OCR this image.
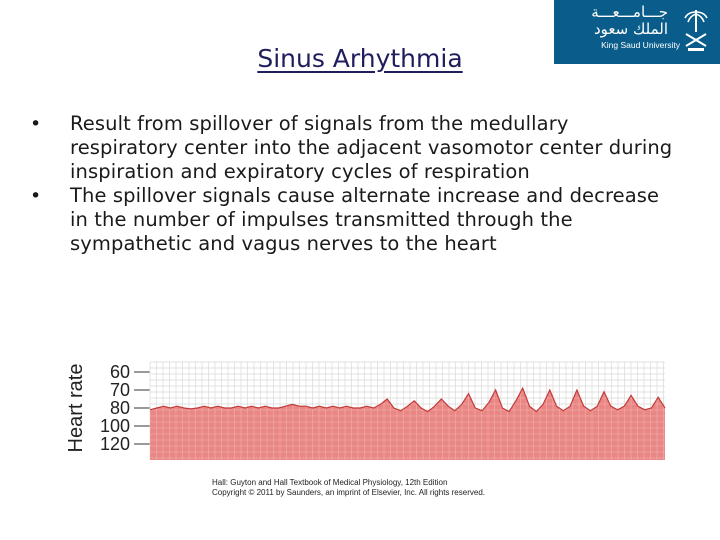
Sinus Arhythmia
جـــامـــعـــة
الملك سعود
King Saud University
• Result from spillover of signals from the medullary respiratory center into the adjacent vasomotor center during inspiration and expiratory cycles of respiration
• The spillover signals cause alternate increase and decrease in the number of impulses transmitted through the sympathetic and vagus nerves to the heart
Heart rate 60
70
80
100
120
Hall: Guyton and Hall Textbook of Medical Physiology, 12th Edition
Copyright © 2011 by Saunders, an imprint of Elsevier, Inc. All rights reserved.
